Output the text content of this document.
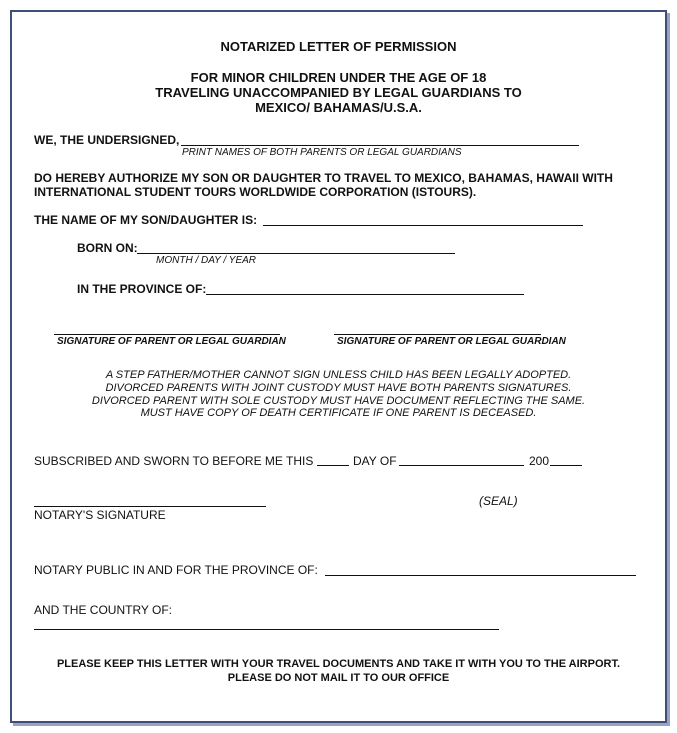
NOTARIZED LETTER OF PERMISSION
FOR MINOR CHILDREN UNDER THE AGE OF 18
TRAVELING UNACCOMPANIED BY LEGAL GUARDIANS TO
MEXICO/ BAHAMAS/U.S.A.
WE, THE UNDERSIGNED,
PRINT NAMES OF BOTH PARENTS OR LEGAL GUARDIANS
DO HEREBY AUTHORIZE MY SON OR DAUGHTER TO TRAVEL TO MEXICO, BAHAMAS, HAWAII WITH
INTERNATIONAL STUDENT TOURS WORLDWIDE CORPORATION (ISTOURS).
THE NAME OF MY SON/DAUGHTER IS:
BORN ON:
MONTH / DAY / YEAR
IN THE PROVINCE OF:
SIGNATURE OF PARENT OR LEGAL GUARDIAN	SIGNATURE OF PARENT OR LEGAL GUARDIAN
A STEP FATHER/MOTHER CANNOT SIGN UNLESS CHILD HAS BEEN LEGALLY ADOPTED.
DIVORCED PARENTS WITH JOINT CUSTODY MUST HAVE BOTH PARENTS SIGNATURES.
DIVORCED PARENT WITH SOLE CUSTODY MUST HAVE DOCUMENT REFLECTING THE SAME.
MUST HAVE COPY OF DEATH CERTIFICATE IF ONE PARENT IS DECEASED.
SUBSCRIBED AND SWORN TO BEFORE ME THIS	DAY OF	200
(SEAL)
NOTARY'S SIGNATURE
NOTARY PUBLIC IN AND FOR THE PROVINCE OF:
AND THE COUNTRY OF:
PLEASE KEEP THIS LETTER WITH YOUR TRAVEL DOCUMENTS AND TAKE IT WITH YOU TO THE AIRPORT.
PLEASE DO NOT MAIL IT TO OUR OFFICE
